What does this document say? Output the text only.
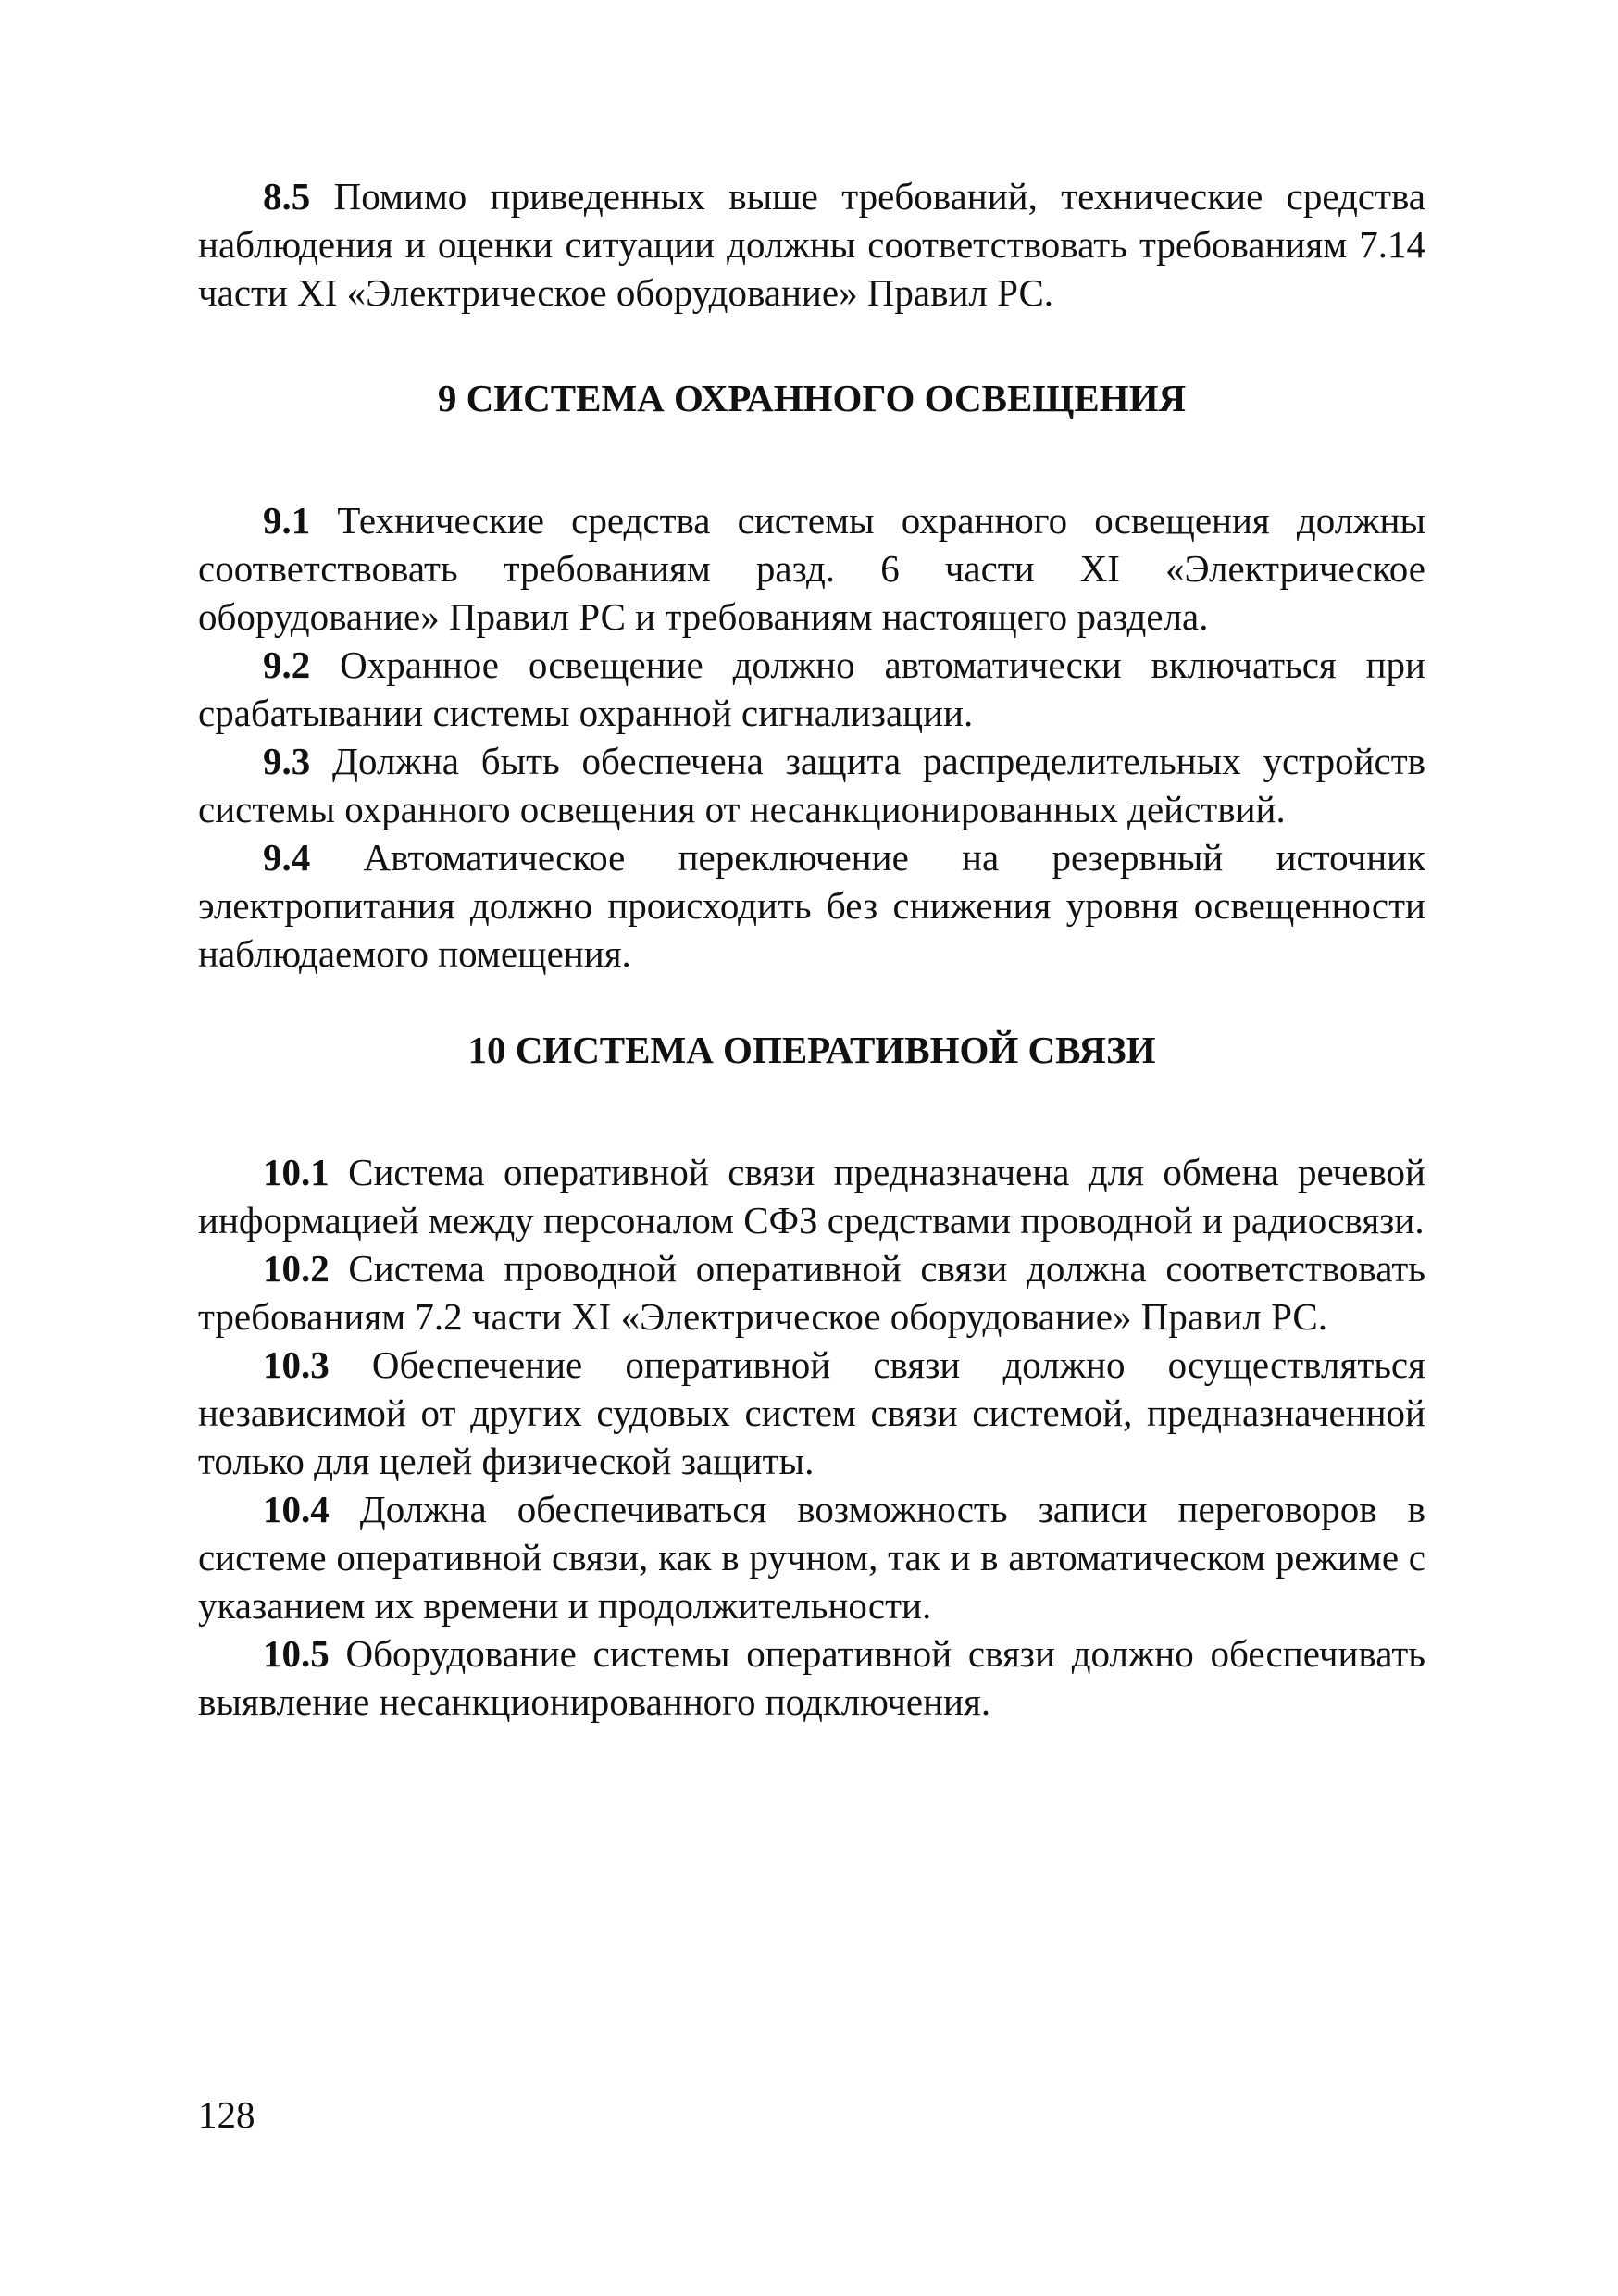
8.5 Помимо приведенных выше требований, технические средства наблюдения и оценки ситуации должны соответствовать требованиям 7.14 части XI «Электрическое оборудование» Правил РС.

9 СИСТЕМА ОХРАННОГО ОСВЕЩЕНИЯ

9.1 Технические средства системы охранного освещения должны соответствовать требованиям разд. 6 части XI «Электрическое оборудование» Правил РС и требованиям настоящего раздела.

9.2 Охранное освещение должно автоматически включаться при срабатывании системы охранной сигнализации.

9.3 Должна быть обеспечена защита распределительных устройств системы охранного освещения от несанкционированных действий.

9.4 Автоматическое переключение на резервный источник электропитания должно происходить без снижения уровня освещенности наблюдаемого помещения.

10 СИСТЕМА ОПЕРАТИВНОЙ СВЯЗИ

10.1 Система оперативной связи предназначена для обмена речевой информацией между персоналом СФЗ средствами проводной и радиосвязи.

10.2 Система проводной оперативной связи должна соответствовать требованиям 7.2 части XI «Электрическое оборудование» Правил РС.

10.3 Обеспечение оперативной связи должно осуществляться независимой от других судовых систем связи системой, предназначенной только для целей физической защиты.

10.4 Должна обеспечиваться возможность записи переговоров в системе оперативной связи, как в ручном, так и в автоматическом режиме с указанием их времени и продолжительности.

10.5 Оборудование системы оперативной связи должно обеспечивать выявление несанкционированного подключения.

128
